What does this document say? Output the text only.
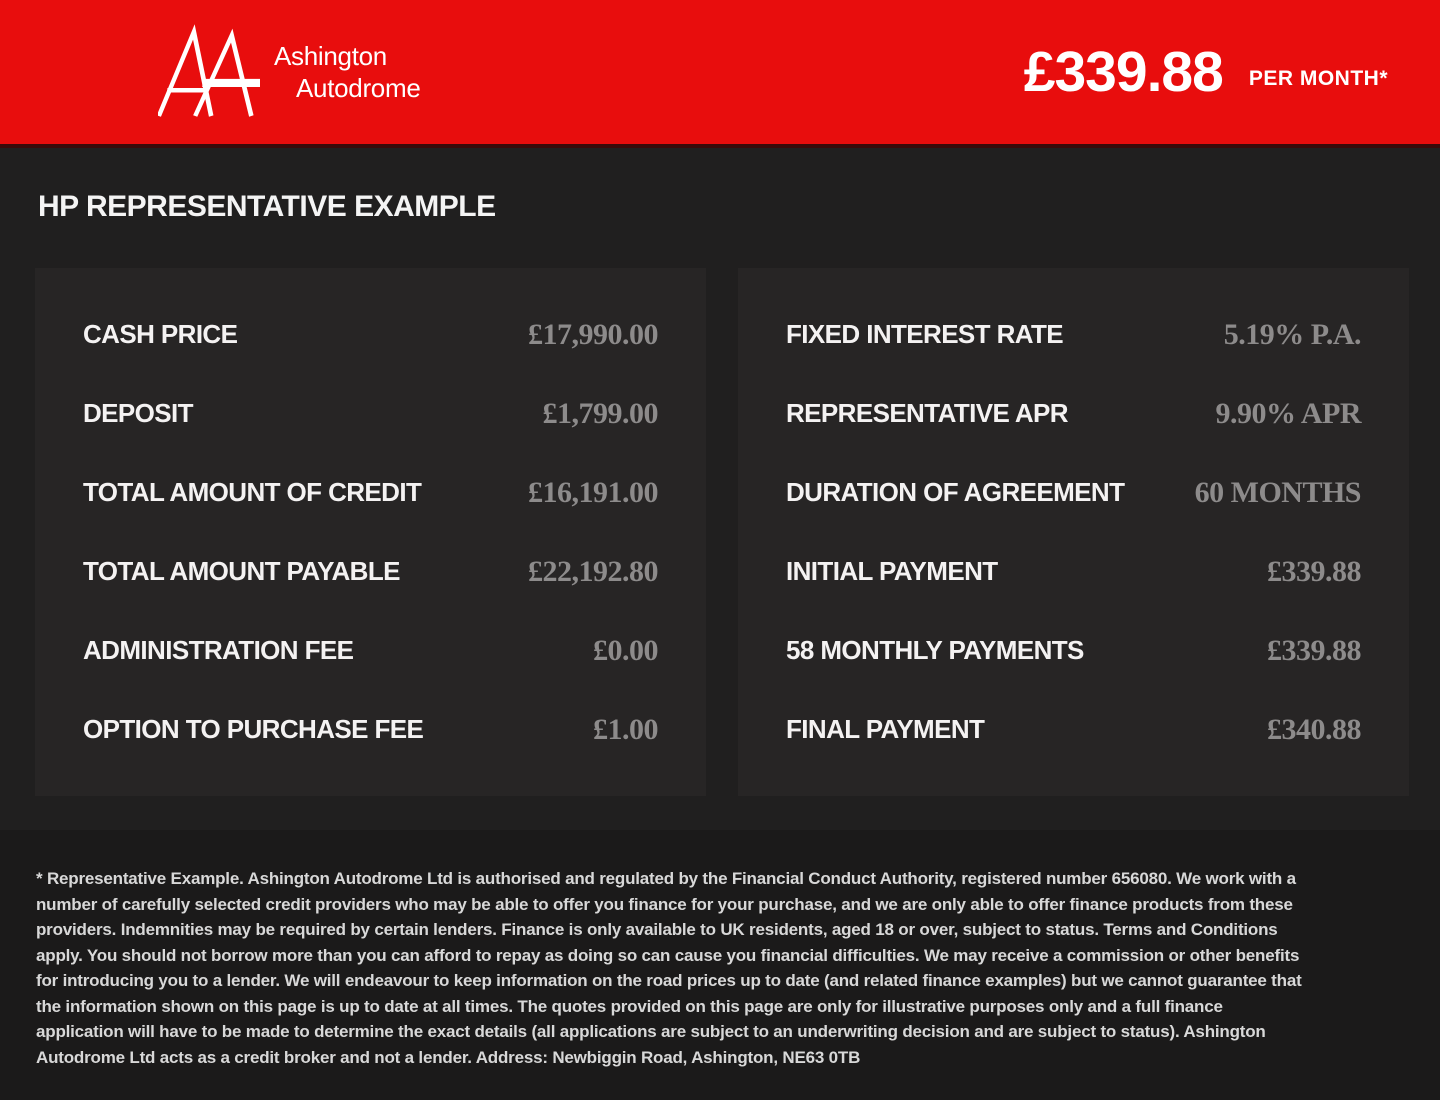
Ashington
Autodrome	£339.88 PER MONTH*
HP REPRESENTATIVE EXAMPLE
CASH PRICE	£17,990.00
DEPOSIT	£1,799.00
TOTAL AMOUNT OF CREDIT	£16,191.00
TOTAL AMOUNT PAYABLE	£22,192.80
ADMINISTRATION FEE	£0.00
OPTION TO PURCHASE FEE	£1.00
FIXED INTEREST RATE	5.19% P.A.
REPRESENTATIVE APR	9.90% APR
DURATION OF AGREEMENT 60 MONTHS
INITIAL PAYMENT	£339.88
58 MONTHLY PAYMENTS	£339.88
FINAL PAYMENT	£340.88

* Representative Example. Ashington Autodrome Ltd is authorised and regulated by the Financial Conduct Authority, registered number 656080. We work with a number of carefully selected credit providers who may be able to offer you finance for your purchase, and we are only able to offer finance products from these providers. Indemnities may be required by certain lenders. Finance is only available to UK residents, aged 18 or over, subject to status. Terms and Conditions apply. You should not borrow more than you can afford to repay as doing so can cause you financial difficulties. We may receive a commission or other benefits for introducing you to a lender. We will endeavour to keep information on the road prices up to date (and related finance examples) but we cannot guarantee that the information shown on this page is up to date at all times. The quotes provided on this page are only for illustrative purposes only and a full finance application will have to be made to determine the exact details (all applications are subject to an underwriting decision and are subject to status). Ashington Autodrome Ltd acts as a credit broker and not a lender. Address: Newbiggin Road, Ashington, NE63 0TB
